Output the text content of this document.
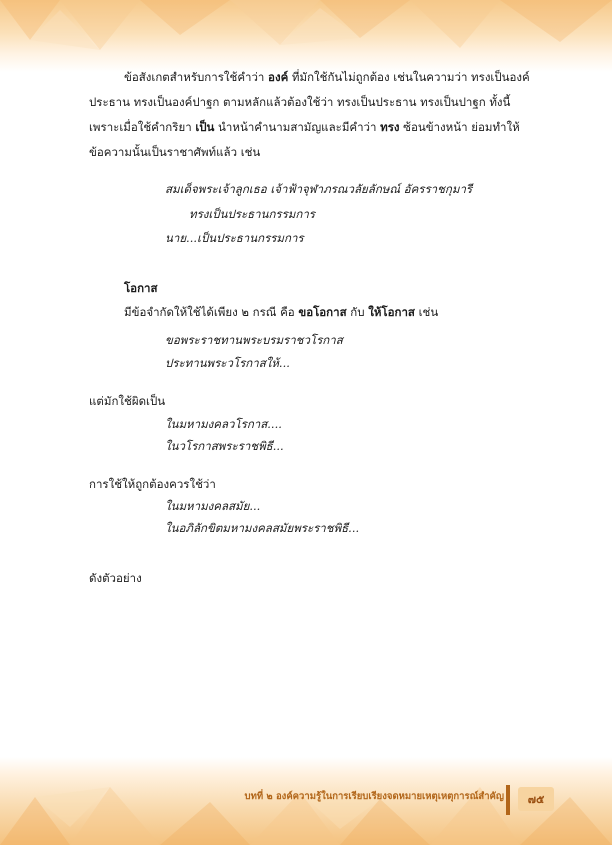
ข้อสังเกตสำหรับการใช้คำว่า องค์ ที่มักใช้กันไม่ถูกต้อง เช่นในความว่า ทรงเป็นองค์
ประธาน ทรงเป็นองค์ปาฐก ตามหลักแล้วต้องใช้ว่า ทรงเป็นประธาน ทรงเป็นปาฐก ทั้งนี้
เพราะเมื่อใช้คำกริยา เป็น นำหน้าคำนามสามัญและมีคำว่า ทรง ซ้อนข้างหน้า ย่อมทำให้
ข้อความนั้นเป็นราชาศัพท์แล้ว เช่น
สมเด็จพระเจ้าลูกเธอ เจ้าฟ้าจุฬาภรณวลัยลักษณ์ อัครราชกุมารี
ทรงเป็นประธานกรรมการ
นาย...เป็นประธานกรรมการ
โอกาส
มีข้อจำกัดให้ใช้ได้เพียง ๒ กรณี คือ ขอโอกาส กับ ให้โอกาส เช่น
ขอพระราชทานพระบรมราชวโรกาส
ประทานพระวโรกาสให้...
แต่มักใช้ผิดเป็น
ในมหามงคลวโรกาส....
ในวโรกาสพระราชพิธี...
การใช้ให้ถูกต้องควรใช้ว่า
ในมหามงคลสมัย...
ในอภิลักขิตมหามงคลสมัยพระราชพิธี...
ดังตัวอย่าง
บทที่ ๒ องค์ความรู้ในการเรียบเรียงจดหมายเหตุเหตุการณ์สำคัญ	๗๕
